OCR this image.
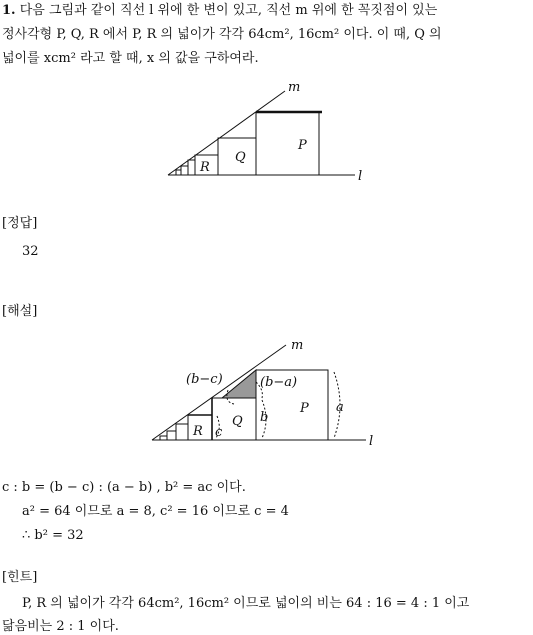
1. 다음 그림과 같이 직선 l 위에 한 변이 있고, 직선 m 위에 한 꼭짓점이 있는
정사각형 P, Q, R 에서 P, R 의 넓이가 각각 64cm², 16cm² 이다. 이 때, Q 의
넓이를 xcm² 라고 할 때, x 의 값을 구하여라.
m
l
P
Q
R
[정답]
32
[해설]
m
l
(b−c)	(b−a)
P a
Q b
R c
c : b = (b − c) : (a − b) , b² = ac 이다.
a² = 64 이므로 a = 8, c² = 16 이므로 c = 4
∴ b² = 32
[힌트]
P, R 의 넓이가 각각 64cm², 16cm² 이므로 넓이의 비는 64 : 16 = 4 : 1 이고
닮음비는 2 : 1 이다.
